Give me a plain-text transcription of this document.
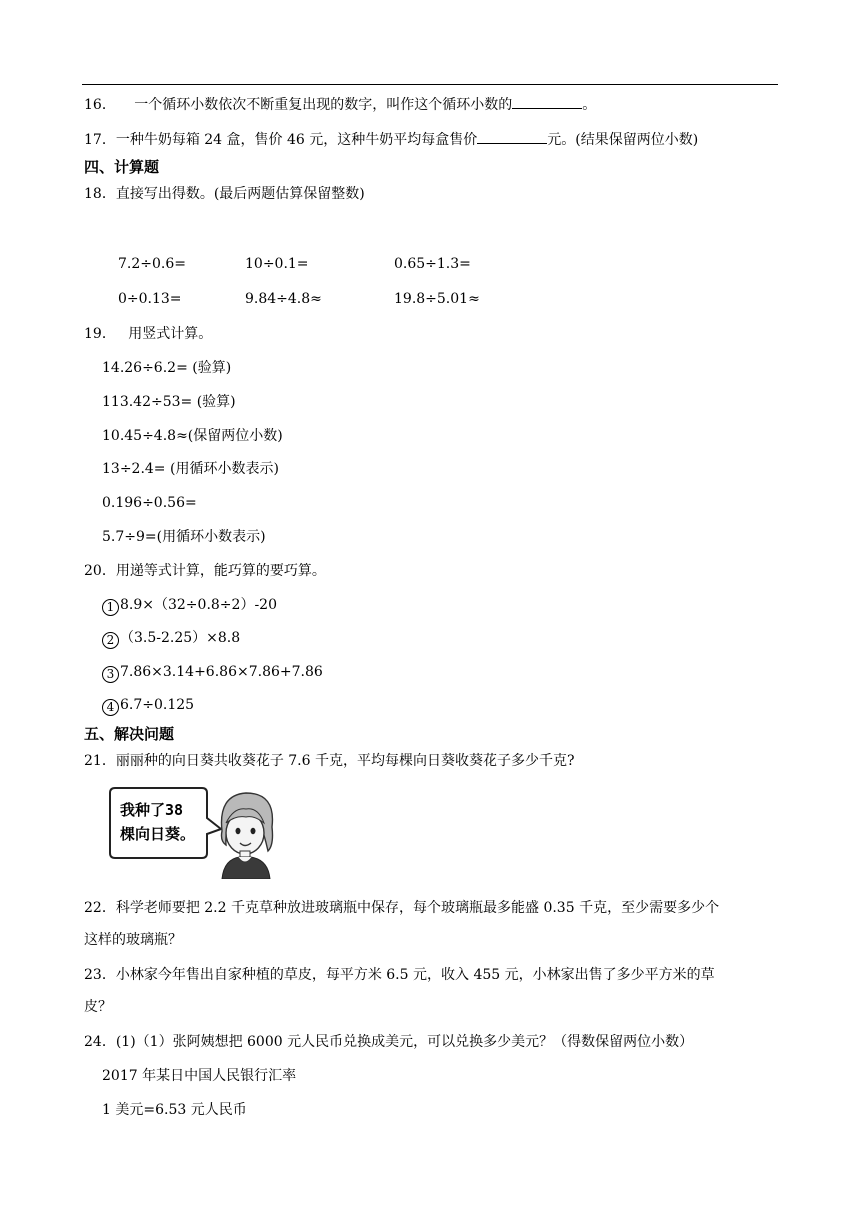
16． 一个循环小数依次不断重复出现的数字，叫作这个循环小数的	。
17．一种牛奶每箱 24 盒，售价 46 元，这种牛奶平均每盒售价	元。(结果保留两位小数)
四、计算题
18．直接写出得数。(最后两题估算保留整数)
7.2÷0.6=	10÷0.1=	0.65÷1.3=
0÷0.13=	9.84÷4.8≈	19.8÷5.01≈
19． 用竖式计算。
14.26÷6.2= (验算)
113.42÷53= (验算)
10.45÷4.8≈(保留两位小数)
13÷2.4= (用循环小数表示)
0.196÷0.56=
5.7÷9=(用循环小数表示)
20．用递等式计算，能巧算的要巧算。
1 8.9×（32÷0.8÷2）-20
2 （3.5-2.25）×8.8
3 7.86×3.14+6.86×7.86+7.86
4 6.7÷0.125
五、解决问题
21．丽丽种的向日葵共收葵花子 7.6 千克，平均每棵向日葵收葵花子多少千克?
我种了38
棵向日葵。
22．科学老师要把 2.2 千克草种放进玻璃瓶中保存，每个玻璃瓶最多能盛 0.35 千克，至少需要多少个
这样的玻璃瓶？
23．小林家今年售出自家种植的草皮，每平方米 6.5 元，收入 455 元，小林家出售了多少平方米的草
皮？
24．(1)（1）张阿姨想把 6000 元人民币兑换成美元，可以兑换多少美元？（得数保留两位小数）
2017 年某日中国人民银行汇率
1 美元=6.53 元人民币
